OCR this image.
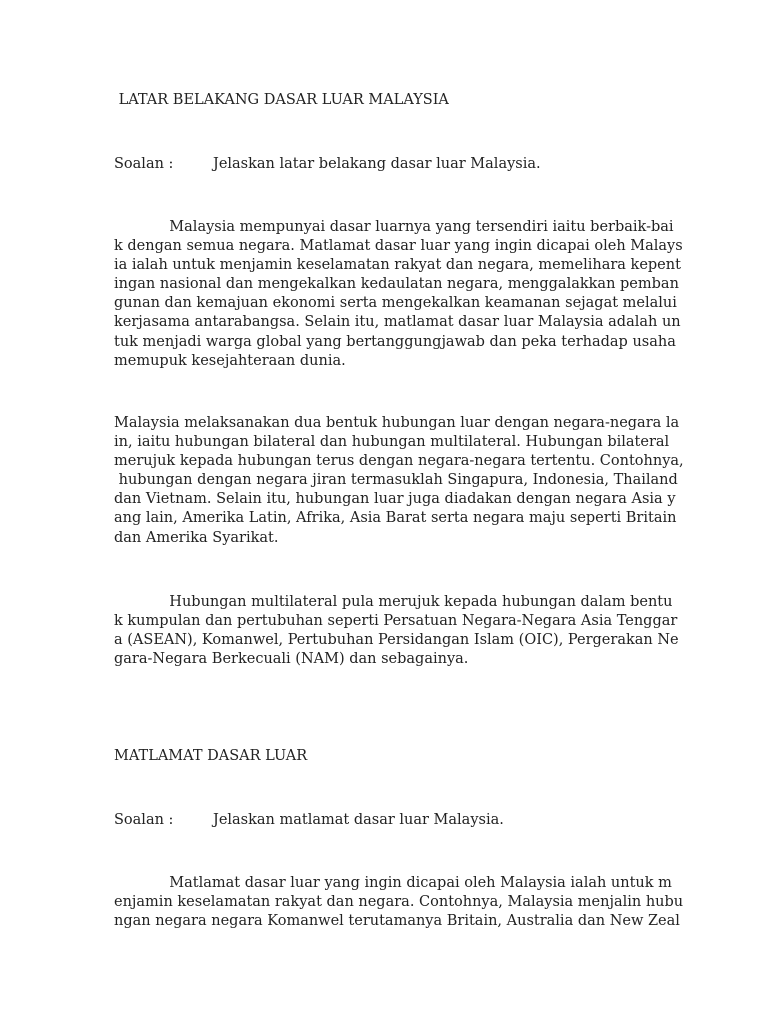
LATAR BELAKANG DASAR LUAR MALAYSIA
Soalan :	Jelaskan latar belakang dasar luar Malaysia.
Malaysia mempunyai dasar luarnya yang tersendiri iaitu berbaik-bai
k dengan semua negara. Matlamat dasar luar yang ingin dicapai oleh Malays
ia ialah untuk menjamin keselamatan rakyat dan negara, memelihara kepent
ingan nasional dan mengekalkan kedaulatan negara, menggalakkan pemban
gunan dan kemajuan ekonomi serta mengekalkan keamanan sejagat melalui
kerjasama antarabangsa. Selain itu, matlamat dasar luar Malaysia adalah un
tuk menjadi warga global yang bertanggungjawab dan peka terhadap usaha
memupuk kesejahteraan dunia.
Malaysia melaksanakan dua bentuk hubungan luar dengan negara-negara la
in, iaitu hubungan bilateral dan hubungan multilateral. Hubungan bilateral
merujuk kepada hubungan terus dengan negara-negara tertentu. Contohnya,
hubungan dengan negara jiran termasuklah Singapura, Indonesia, Thailand
dan Vietnam. Selain itu, hubungan luar juga diadakan dengan negara Asia y
ang lain, Amerika Latin, Afrika, Asia Barat serta negara maju seperti Britain
dan Amerika Syarikat.
Hubungan multilateral pula merujuk kepada hubungan dalam bentu
k kumpulan dan pertubuhan seperti Persatuan Negara-Negara Asia Tenggar
a (ASEAN), Komanwel, Pertubuhan Persidangan Islam (OIC), Pergerakan Ne
gara-Negara Berkecuali (NAM) dan sebagainya.
MATLAMAT DASAR LUAR
Soalan :	Jelaskan matlamat dasar luar Malaysia.
Matlamat dasar luar yang ingin dicapai oleh Malaysia ialah untuk m
enjamin keselamatan rakyat dan negara. Contohnya, Malaysia menjalin hubu
ngan negara negara Komanwel terutamanya Britain, Australia dan New Zeal
